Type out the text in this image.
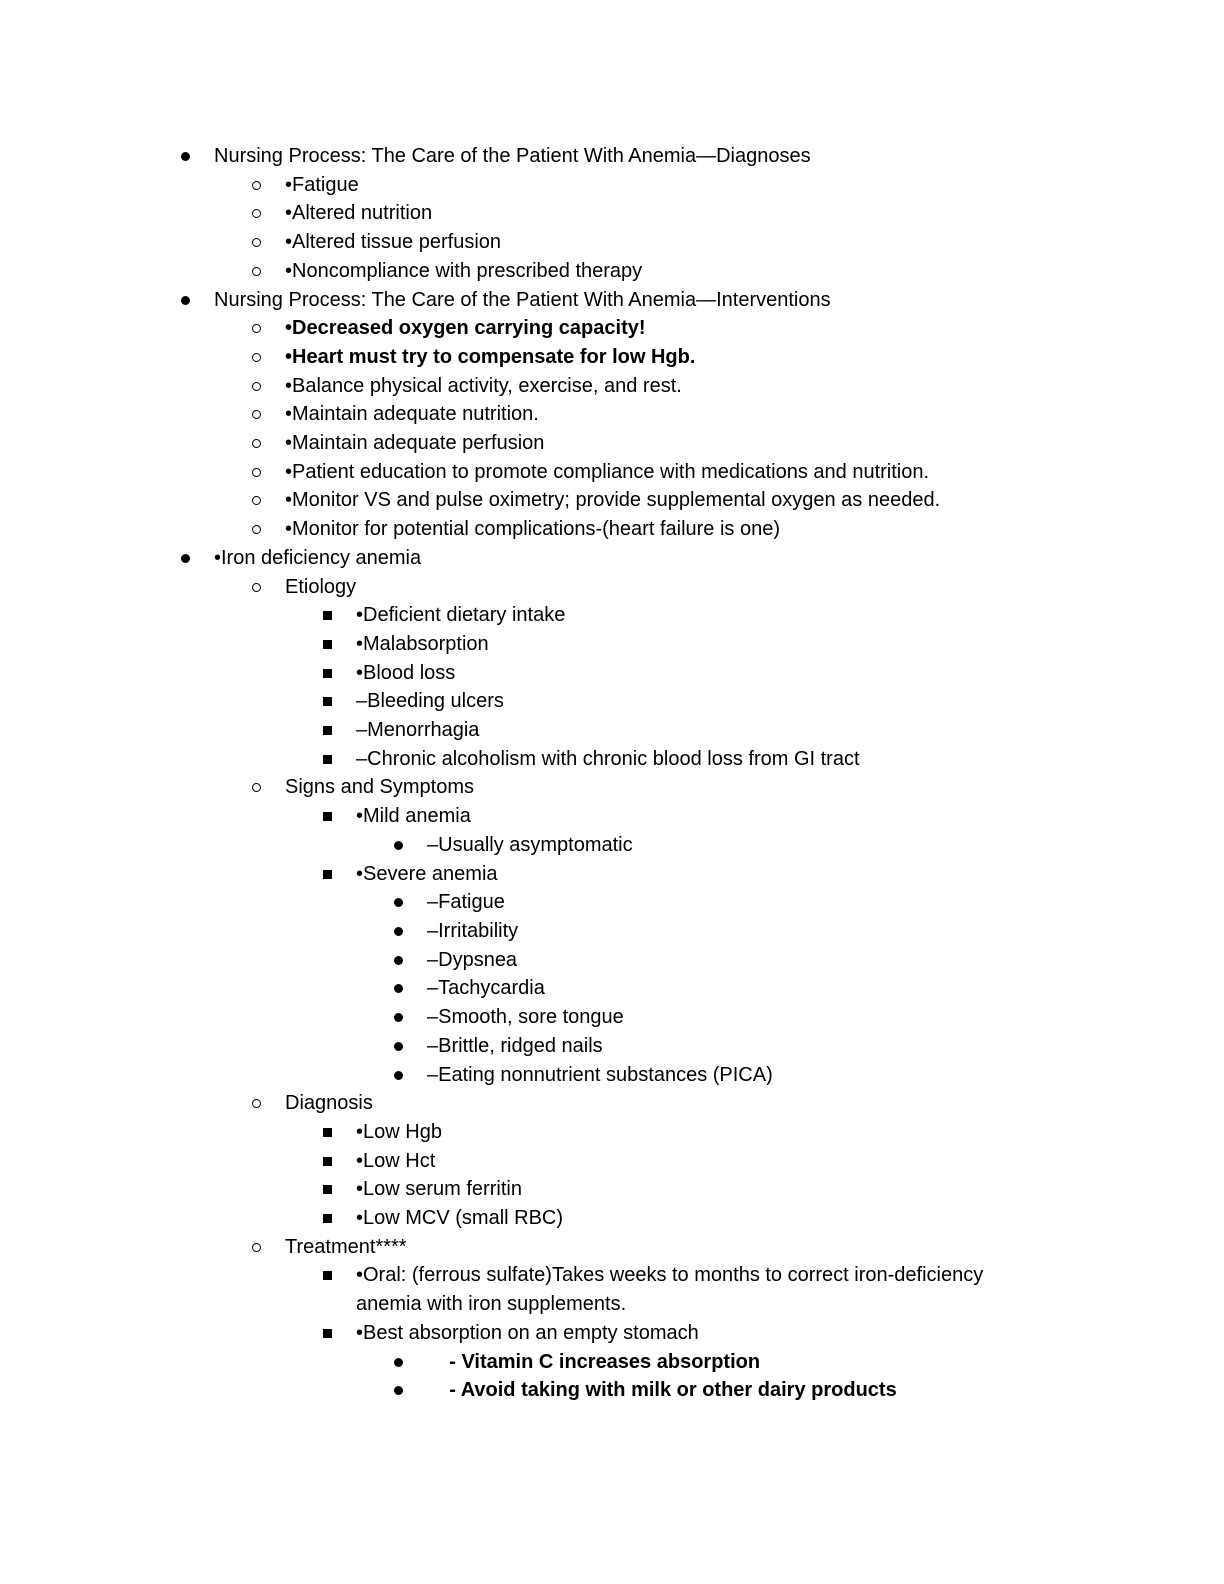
Nursing Process: The Care of the Patient With Anemia—Diagnoses
•Fatigue
•Altered nutrition
•Altered tissue perfusion
•Noncompliance with prescribed therapy
Nursing Process: The Care of the Patient With Anemia—Interventions
•Decreased oxygen carrying capacity!
•Heart must try to compensate for low Hgb.
•Balance physical activity, exercise, and rest.
•Maintain adequate nutrition.
•Maintain adequate perfusion
•Patient education to promote compliance with medications and nutrition.
•Monitor VS and pulse oximetry; provide supplemental oxygen as needed.
•Monitor for potential complications-(heart failure is one)
•Iron deficiency anemia
Etiology
•Deficient dietary intake
•Malabsorption
•Blood loss
–Bleeding ulcers
–Menorrhagia
–Chronic alcoholism with chronic blood loss from GI tract
Signs and Symptoms
•Mild anemia
–Usually asymptomatic
•Severe anemia
–Fatigue
–Irritability
–Dypsnea
–Tachycardia
–Smooth, sore tongue
–Brittle, ridged nails
–Eating nonnutrient substances (PICA)
Diagnosis
•Low Hgb
•Low Hct
•Low serum ferritin
•Low MCV (small RBC)
Treatment****
•Oral: (ferrous sulfate)Takes weeks to months to correct iron-deficiency anemia with iron supplements.
•Best absorption on an empty stomach
- Vitamin C increases absorption
- Avoid taking with milk or other dairy products
